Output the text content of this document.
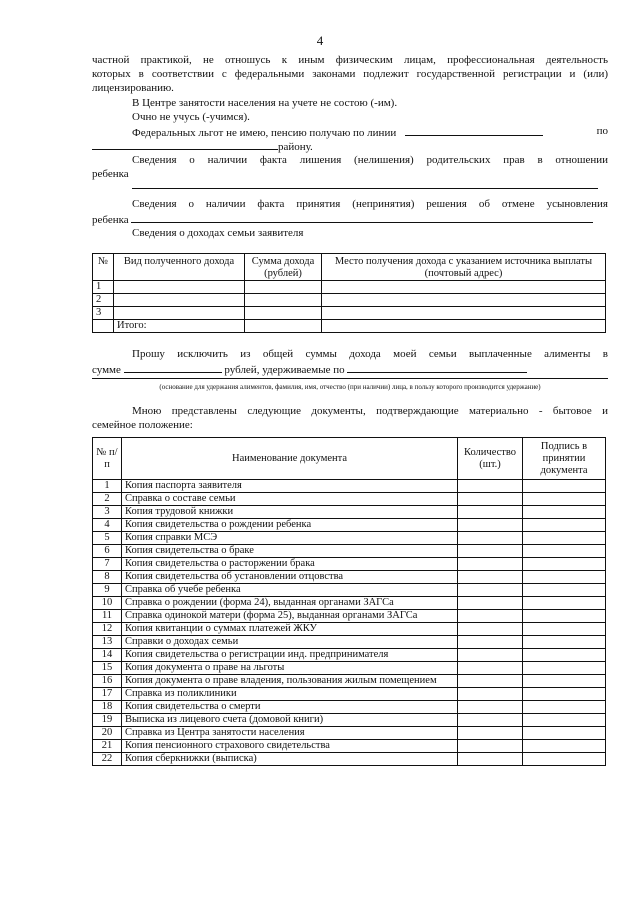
4
частной практикой, не отношусь к иным физическим лицам, профессиональная деятельность
которых в соответствии с федеральными законами подлежит государственной регистрации и (или)
лицензированию.
В Центре занятости населения на учете не состою (-им).
Очно не учусь (-учимся).
Федеральных льгот не имею, пенсию получаю по линии	по
району.
Сведения о наличии факта лишения (нелишения) родительских прав в отношении
ребенка
Сведения о наличии факта принятия (непринятия) решения об отмене усыновления
ребенка
Сведения о доходах семьи заявителя
№	Вид полученного дохода	Сумма дохода (рублей)	Место получения дохода с указанием источника выплаты (почтовый адрес)
1			
2			
3			
	Итого:		
Прошу исключить из общей суммы дохода моей семьи выплаченные алименты в
сумме	рублей, удерживаемые по
(основание для удержания алиментов, фамилия, имя, отчество (при наличии) лица, в пользу которого производится удержание)
Мною представлены следующие документы, подтверждающие материально - бытовое и
семейное положение:
№ п/п	Наименование документа	Количество (шт.)	Подпись в принятии документа
1	Копия паспорта заявителя		
2	Справка о составе семьи		
3	Копия трудовой книжки		
4	Копия свидетельства о рождении ребенка		
5	Копия справки МСЭ		
6	Копия свидетельства о браке		
7	Копия свидетельства о расторжении брака		
8	Копия свидетельства об установлении отцовства		
9	Справка об учебе ребенка		
10	Справка о рождении (форма 24), выданная органами ЗАГСа		
11	Справка одинокой матери (форма 25), выданная органами ЗАГСа		
12	Копия квитанции о суммах платежей ЖКУ		
13	Справки о доходах семьи		
14	Копия свидетельства о регистрации инд. предпринимателя		
15	Копия документа о праве на льготы		
16	Копия документа о праве владения, пользования жилым помещением		
17	Справка из поликлиники		
18	Копия свидетельства о смерти		
19	Выписка из лицевого счета (домовой книги)		
20	Справка из Центра занятости населения		
21	Копия пенсионного страхового свидетельства		
22	Копия сберкнижки (выписка)		
